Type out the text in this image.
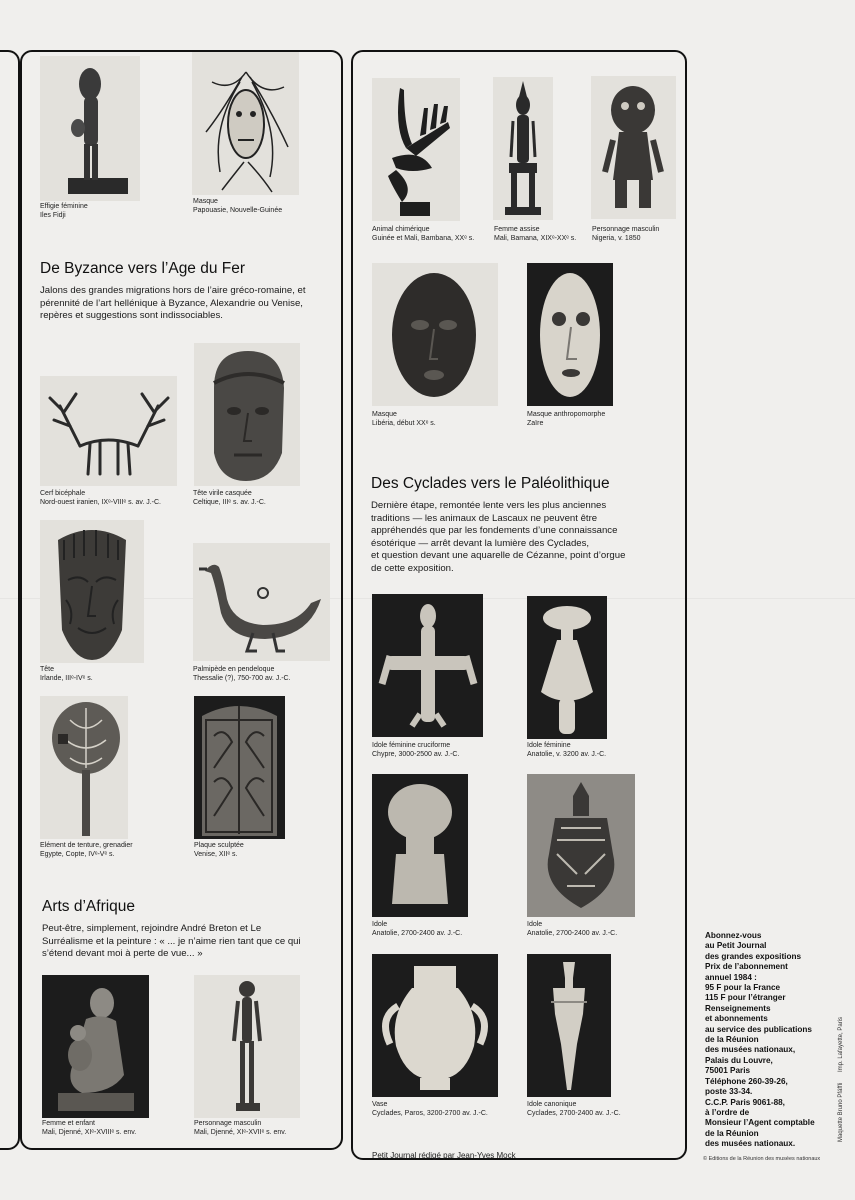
Effigie féminine
Iles Fidji
Masque
Papouasie, Nouvelle-Guinée
De Byzance vers l’Age du Fer
Jalons des grandes migrations hors de l’aire gréco-romaine, et
pérennité de l’art hellénique à Byzance, Alexandrie ou Venise,
repères et suggestions sont indissociables.
Cerf bicéphale
Nord-ouest iranien, IXᵉ-VIIIᵉ s. av. J.-C.
Tête virile casquée
Celtique, IIIᵉ s. av. J.-C.
Tête
Irlande, IIIᵉ-IVᵉ s.
Palmipède en pendeloque
Thessalie (?), 750-700 av. J.-C.
Elément de tenture, grenadier
Egypte, Copte, IVᵉ-Vᵉ s.
Plaque sculptée
Venise, XIIᵉ s.
Arts d’Afrique
Peut-être, simplement, rejoindre André Breton et Le
Surréalisme et la peinture : « ... je n’aime rien tant que ce qui
s’étend devant moi à perte de vue... »
Femme et enfant
Mali, Djenné, XIᵉ-XVIIIᵉ s. env.
Personnage masculin
Mali, Djenné, XIᵉ-XVIIᵉ s. env.
Animal chimérique
Guinée et Mali, Bambana, XXᵉ s.
Femme assise
Mali, Bamana, XIXᵉ-XXᵉ s.
Personnage masculin
Nigeria, v. 1850
Masque
Libéria, début XXᵉ s.
Masque anthropomorphe
Zaïre
Des Cyclades vers le Paléolithique
Dernière étape, remontée lente vers les plus anciennes
traditions — les animaux de Lascaux ne peuvent être
appréhendés que par les fondements d’une connaissance
ésotérique — arrêt devant la lumière des Cyclades,
et question devant une aquarelle de Cézanne, point d’orgue
de cette exposition.
Idole féminine cruciforme
Chypre, 3000-2500 av. J.-C.
Idole féminine
Anatolie, v. 3200 av. J.-C.
Idole
Anatolie, 2700-2400 av. J.-C.
Idole
Anatolie, 2700-2400 av. J.-C.
Vase
Cyclades, Paros, 3200-2700 av. J.-C.
Idole canonique
Cyclades, 2700-2400 av. J.-C.
Petit Journal rédigé par Jean-Yves Mock
Abonnez-vous
au Petit Journal
des grandes expositions
Prix de l’abonnement
annuel 1984 :
95 F pour la France
115 F pour l’étranger
Renseignements
et abonnements
au service des publications
de la Réunion
des musées nationaux,
Palais du Louvre,
75001 Paris
Téléphone 260-39-26,
poste 33-34.
C.C.P. Paris 9061-88,
à l’ordre de
Monsieur l’Agent comptable
de la Réunion
des musées nationaux.
© Editions de la Réunion des musées nationaux
Maquette Bruno Pfäffli
Imp. Lafayette, Paris
